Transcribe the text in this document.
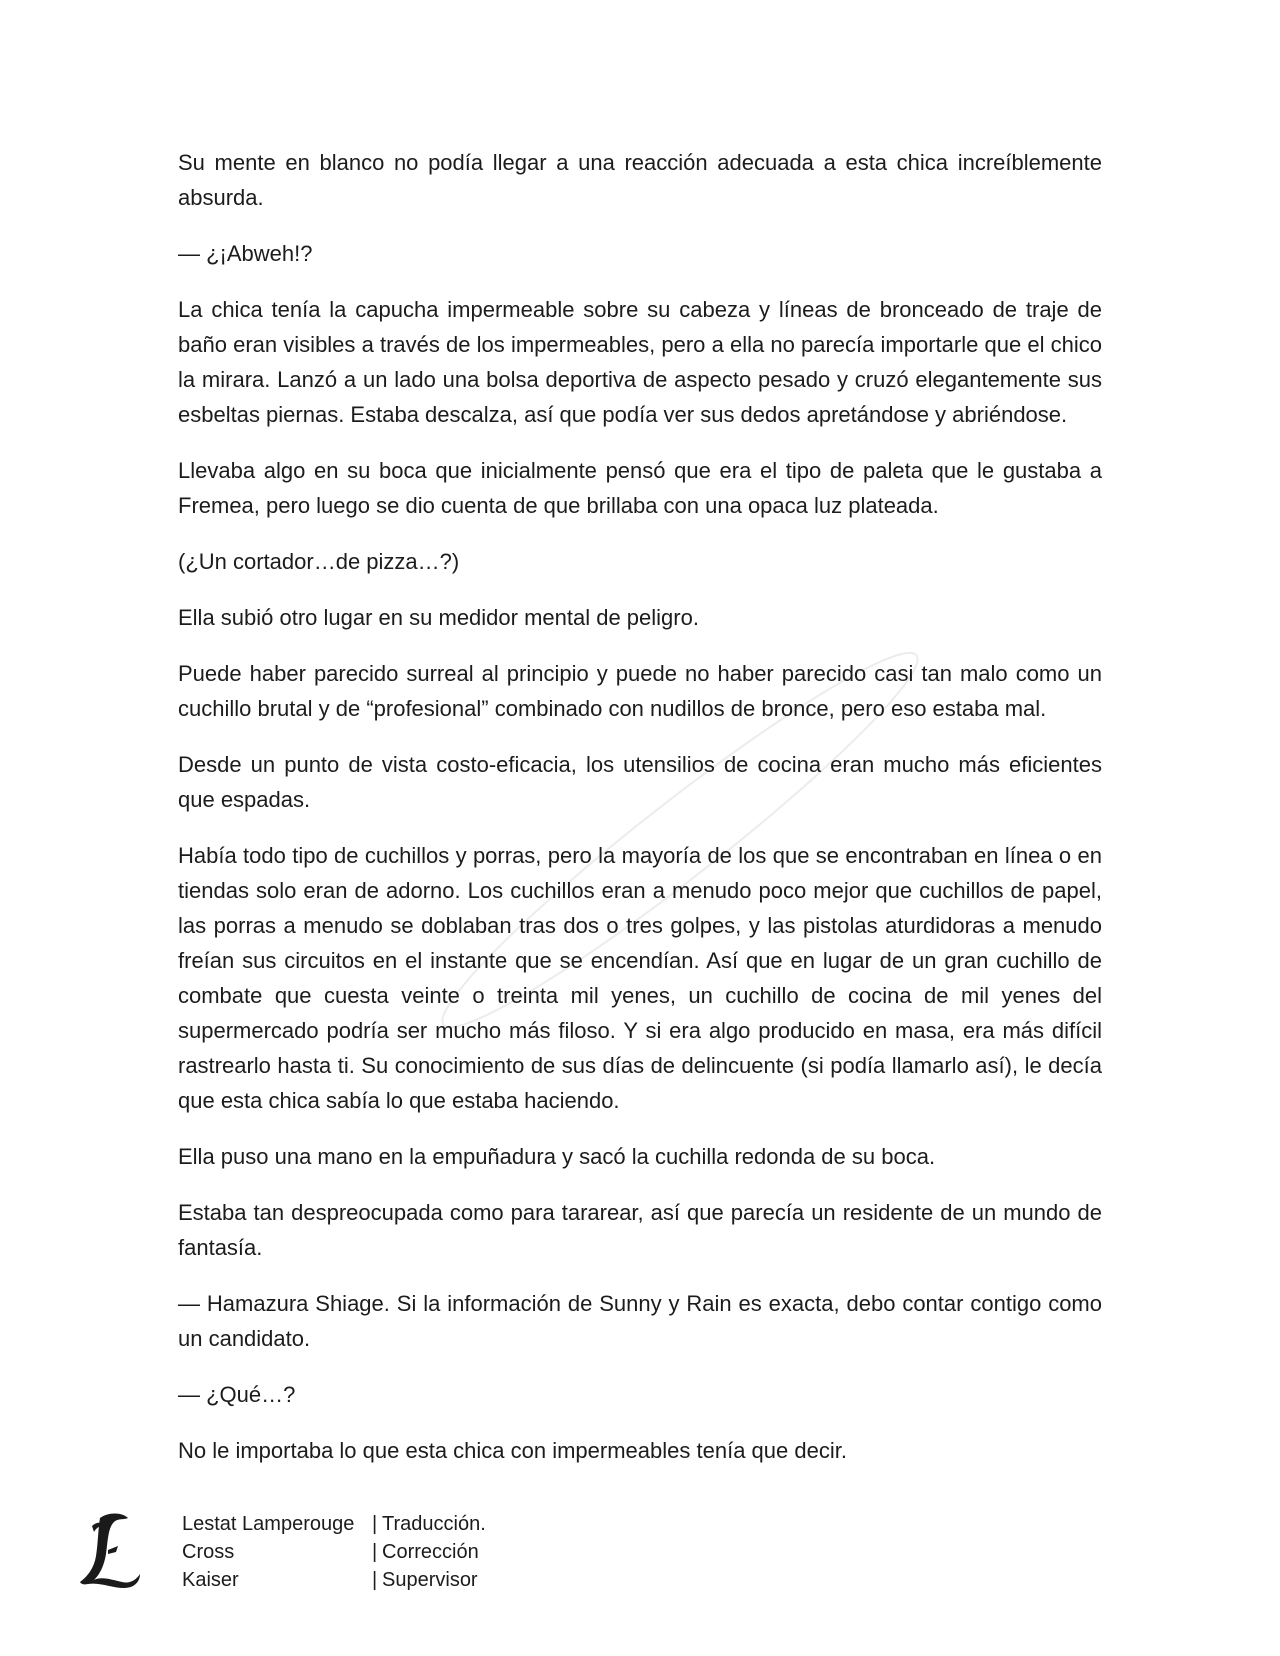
Su mente en blanco no podía llegar a una reacción adecuada a esta chica increíblemente absurda.

— ¿¡Abweh!?

La chica tenía la capucha impermeable sobre su cabeza y líneas de bronceado de traje de baño eran visibles a través de los impermeables, pero a ella no parecía importarle que el chico la mirara. Lanzó a un lado una bolsa deportiva de aspecto pesado y cruzó elegantemente sus esbeltas piernas. Estaba descalza, así que podía ver sus dedos apretándose y abriéndose.

Llevaba algo en su boca que inicialmente pensó que era el tipo de paleta que le gustaba a Fremea, pero luego se dio cuenta de que brillaba con una opaca luz plateada.

(¿Un cortador…de pizza…?)

Ella subió otro lugar en su medidor mental de peligro.

Puede haber parecido surreal al principio y puede no haber parecido casi tan malo como un cuchillo brutal y de “profesional” combinado con nudillos de bronce, pero eso estaba mal.

Desde un punto de vista costo-eficacia, los utensilios de cocina eran mucho más eficientes que espadas.

Había todo tipo de cuchillos y porras, pero la mayoría de los que se encontraban en línea o en tiendas solo eran de adorno. Los cuchillos eran a menudo poco mejor que cuchillos de papel, las porras a menudo se doblaban tras dos o tres golpes, y las pistolas aturdidoras a menudo freían sus circuitos en el instante que se encendían. Así que en lugar de un gran cuchillo de combate que cuesta veinte o treinta mil yenes, un cuchillo de cocina de mil yenes del supermercado podría ser mucho más filoso. Y si era algo producido en masa, era más difícil rastrearlo hasta ti. Su conocimiento de sus días de delincuente (si podía llamarlo así), le decía que esta chica sabía lo que estaba haciendo.

Ella puso una mano en la empuñadura y sacó la cuchilla redonda de su boca.

Estaba tan despreocupada como para tararear, así que parecía un residente de un mundo de fantasía.

— Hamazura Shiage. Si la información de Sunny y Rain es exacta, debo contar contigo como un candidato.

— ¿Qué…?

No le importaba lo que esta chica con impermeables tenía que decir.

Lestat Lamperouge | Traducción.
Cross	| Corrección
Kaiser	| Supervisor
